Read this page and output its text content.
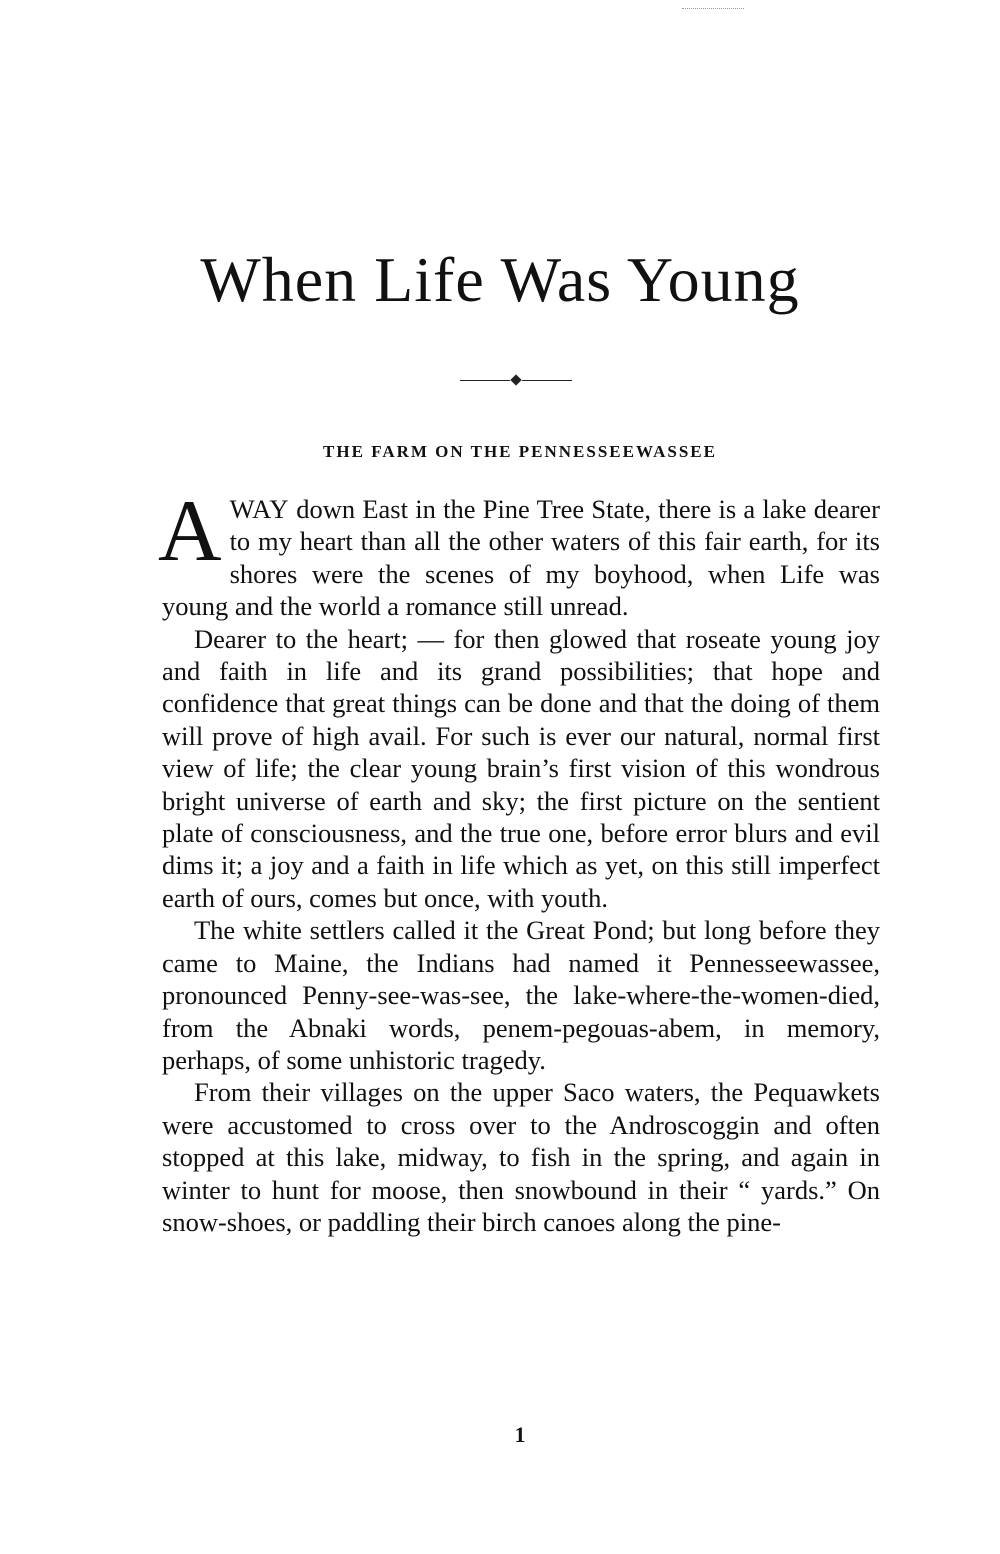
When Life Was Young
THE FARM ON THE PENNESSEEWASSEE

AWAY down East in the Pine Tree State, there is a lake dearer to my heart than all the other waters of this fair earth, for its shores were the scenes of my boyhood, when Life was young and the world a romance still unread.

Dearer to the heart; — for then glowed that roseate young joy and faith in life and its grand possibilities; that hope and confidence that great things can be done and that the doing of them will prove of high avail. For such is ever our natural, normal first view of life; the clear young brain’s first vision of this wondrous bright universe of earth and sky; the first picture on the sentient plate of consciousness, and the true one, before error blurs and evil dims it; a joy and a faith in life which as yet, on this still imperfect earth of ours, comes but once, with youth.

The white settlers called it the Great Pond; but long before they came to Maine, the Indians had named it Pennesseewassee, pronounced Penny-see-was-see, the lake-where-the-women-died, from the Abnaki words, penem-pegouas-abem, in memory, perhaps, of some unhistoric tragedy.

From their villages on the upper Saco waters, the Pequawkets were accustomed to cross over to the Androscoggin and often stopped at this lake, midway, to fish in the spring, and again in winter to hunt for moose, then snowbound in their “ yards.” On snow-shoes, or paddling their birch canoes along the pine-

1
